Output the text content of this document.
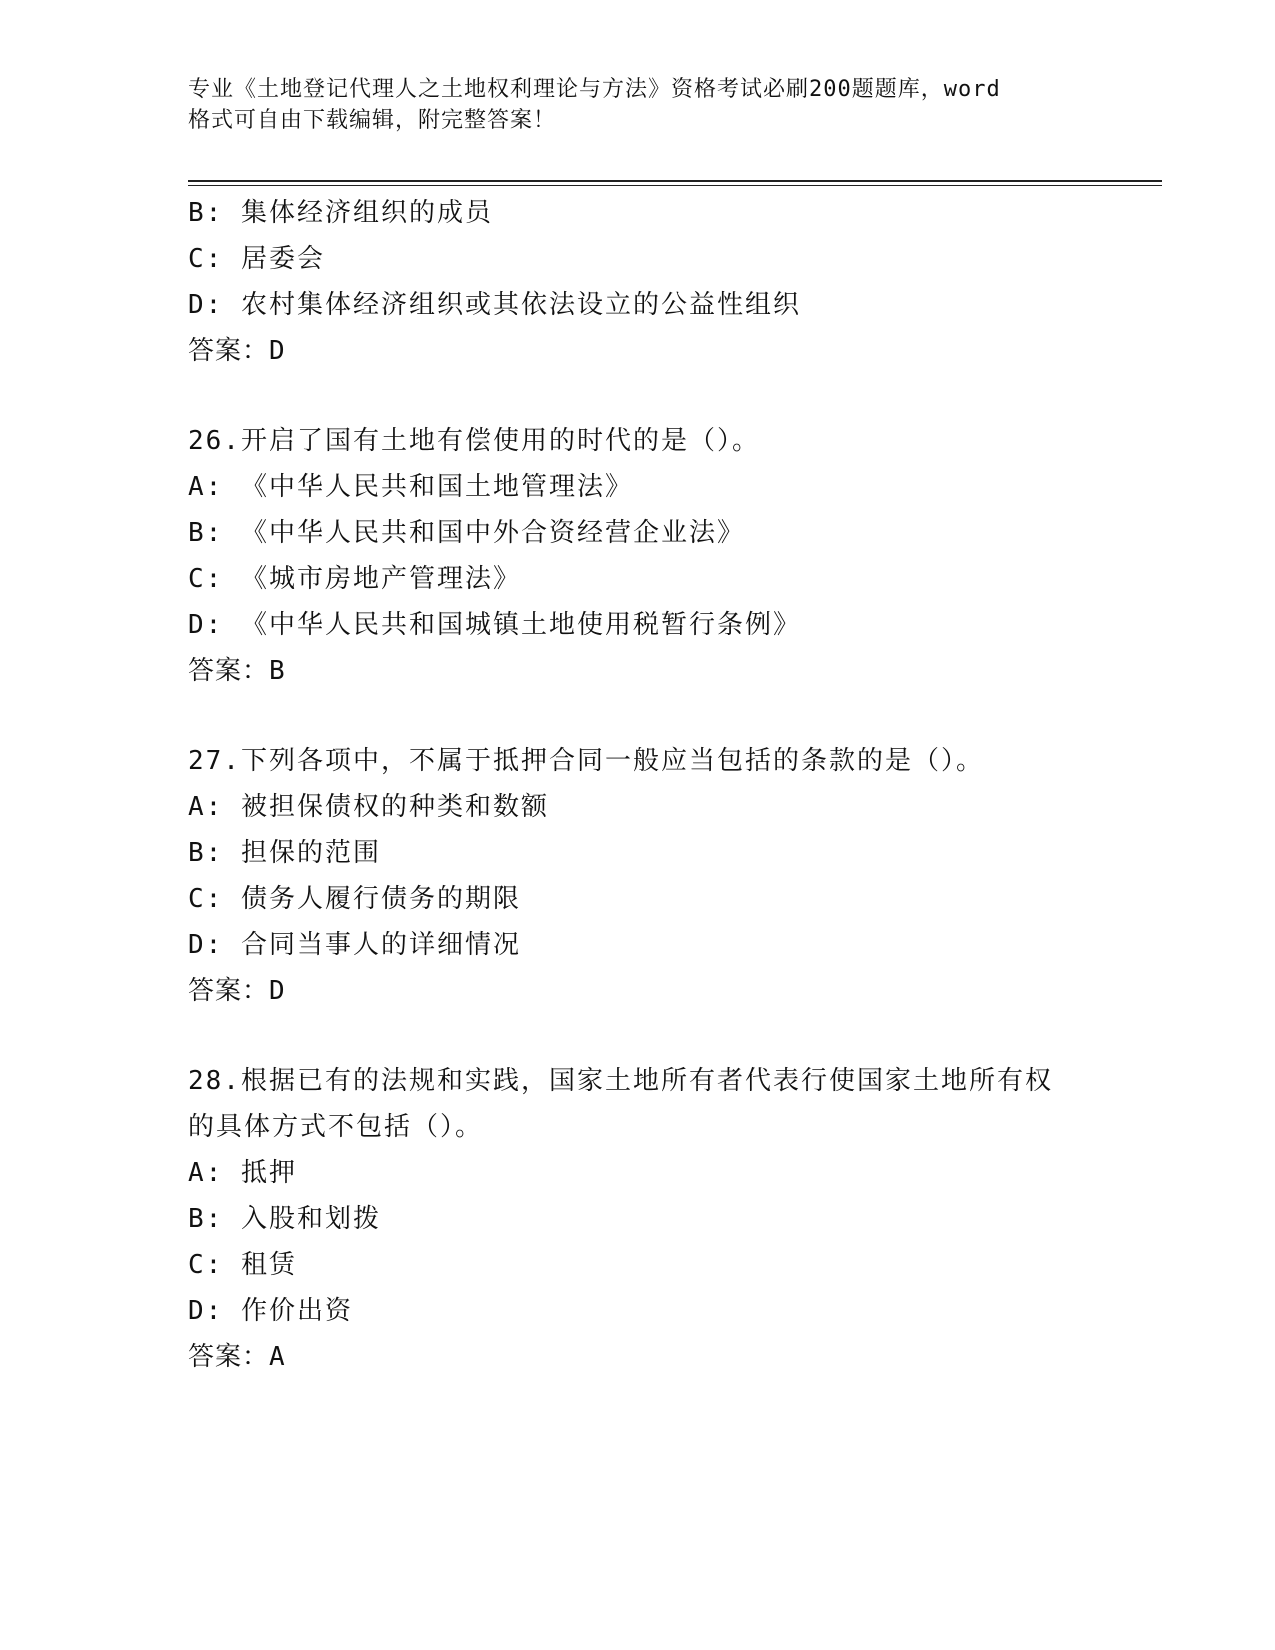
专业《土地登记代理人之土地权利理论与方法》资格考试必刷200题题库，word
格式可自由下载编辑，附完整答案！
B: 集体经济组织的成员
C: 居委会
D: 农村集体经济组织或其依法设立的公益性组织
答案：D
26.开启了国有土地有偿使用的时代的是（）。
A: 《中华人民共和国土地管理法》
B: 《中华人民共和国中外合资经营企业法》
C: 《城市房地产管理法》
D: 《中华人民共和国城镇土地使用税暂行条例》
答案：B
27.下列各项中，不属于抵押合同一般应当包括的条款的是（）。
A: 被担保债权的种类和数额
B: 担保的范围
C: 债务人履行债务的期限
D: 合同当事人的详细情况
答案：D
28.根据已有的法规和实践，国家土地所有者代表行使国家土地所有权
的具体方式不包括（）。
A: 抵押
B: 入股和划拨
C: 租赁
D: 作价出资
答案：A
